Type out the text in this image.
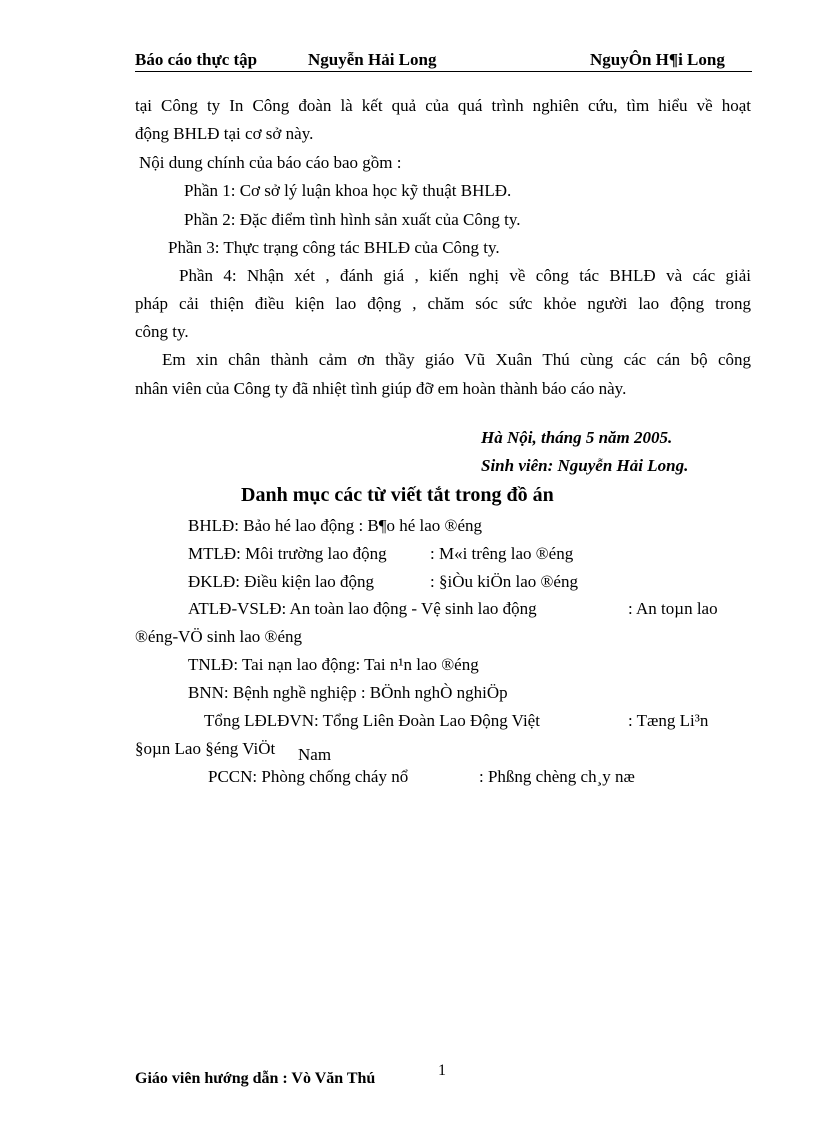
Báo cáo thực tập	Nguyễn Hải Long	NguyÔn H¶i Long
tại Công ty In Công đoàn là kết quả của quá trình nghiên cứu, tìm hiểu về hoạt
động BHLĐ tại cơ sở này.
Nội dung chính của báo cáo bao gồm :
Phần 1: Cơ sở lý luận khoa học kỹ thuật BHLĐ.
Phần 2: Đặc điểm tình hình sản xuất của Công ty.
Phần 3: Thực trạng công tác BHLĐ của Công ty.
Phần 4: Nhận xét , đánh giá , kiến nghị về công tác BHLĐ và các giải
pháp cải thiện điều kiện lao động , chăm sóc sức khỏe người lao động trong
công ty.
Em xin chân thành cảm ơn thầy giáo Vũ Xuân Thú cùng các cán bộ công
nhân viên của Công ty đã nhiệt tình giúp đỡ em hoàn thành báo cáo này.
Hà Nội, tháng 5 năm 2005.
Sinh viên: Nguyễn Hải Long.
Danh mục các từ viết tắt trong đồ án
BHLĐ: Bảo hé lao động : B¶o hé lao ®éng
MTLĐ: Môi trường lao động	: M«i trêng lao ®éng
ĐKLĐ: Điều kiện lao động	: §iÒu kiÖn lao ®éng
ATLĐ-VSLĐ: An toàn lao động - Vệ sinh lao động	: An toµn lao
®éng-VÖ sinh lao ®éng
TNLĐ: Tai nạn lao động: Tai n¹n lao ®éng
BNN: Bệnh nghề nghiệp : BÖnh nghÒ nghiÖp
Tổng LĐLĐVN: Tổng Liên Đoàn Lao Động Việt	: Tæng Li³n
§oµn Lao §éng ViÖt Nam
PCCN: Phòng chống cháy nổ	: Phßng chèng ch¸y næ
Giáo viên hướng dẫn : Vò Văn Thú	1
